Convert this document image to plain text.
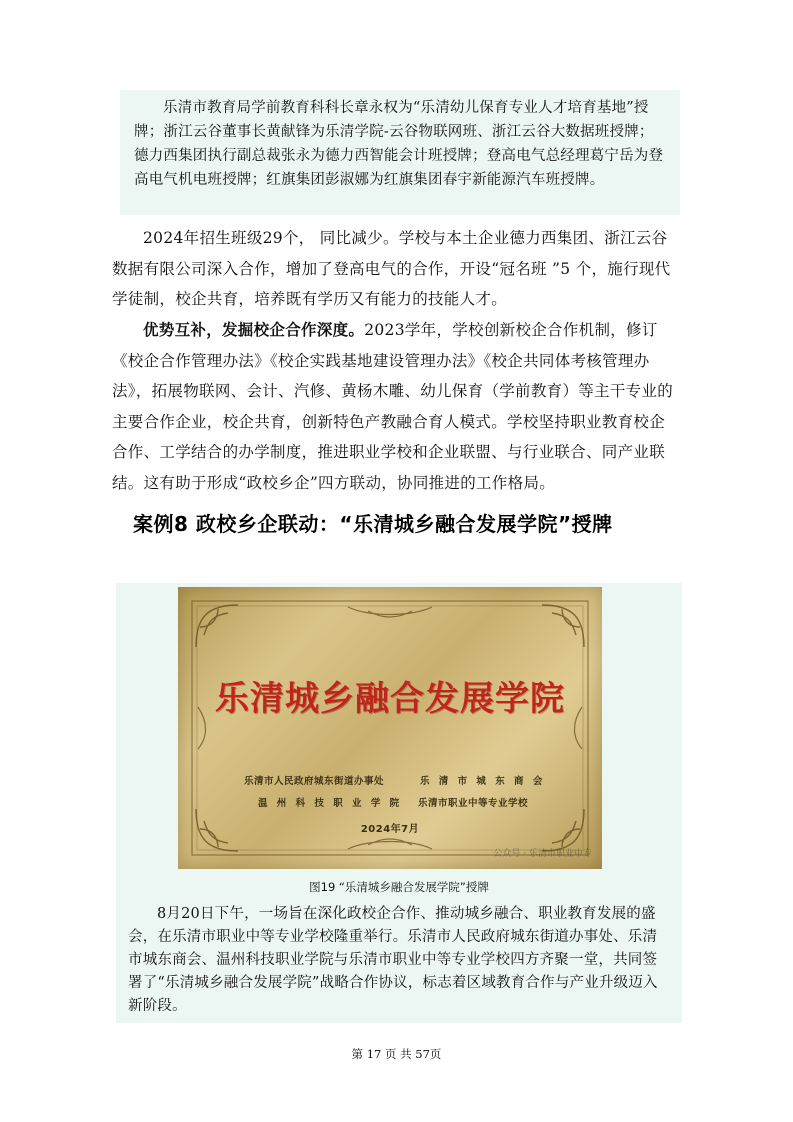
乐清市教育局学前教育科科长章永权为“乐清幼儿保育专业人才培育基地”授牌；浙江云谷董事长黄献锋为乐清学院-云谷物联网班、浙江云谷大数据班授牌；德力西集团执行副总裁张永为德力西智能会计班授牌；登高电气总经理葛宁岳为登高电气机电班授牌；红旗集团彭淑娜为红旗集团春宇新能源汽车班授牌。

2024年招生班级29个， 同比减少。学校与本土企业德力西集团、浙江云谷数据有限公司深入合作，增加了登高电气的合作，开设“冠名班 ”5 个，施行现代学徒制，校企共育，培养既有学历又有能力的技能人才。

优势互补，发掘校企合作深度。2023学年，学校创新校企合作机制，修订《校企合作管理办法》《校企实践基地建设管理办法》《校企共同体考核管理办法》，拓展物联网、会计、汽修、黄杨木雕、幼儿保育（学前教育）等主干专业的主要合作企业，校企共育，创新特色产教融合育人模式。学校坚持职业教育校企合作、工学结合的办学制度，推进职业学校和企业联盟、与行业联合、同产业联结。这有助于形成“政校乡企”四方联动，协同推进的工作格局。

案例8 政校乡企联动：“乐清城乡融合发展学院”授牌
乐清城乡融合发展学院
乐清市人民政府城东街道办事处	乐 清 市 城 东 商 会
温 州 科 技 职 业 学 院 乐清市职业中等专业学校
2024年7月
公众号 · 乐清市职业中专
图19 “乐清城乡融合发展学院”授牌

8月20日下午，一场旨在深化政校企合作、推动城乡融合、职业教育发展的盛会，在乐清市职业中等专业学校隆重举行。乐清市人民政府城东街道办事处、乐清市城东商会、温州科技职业学院与乐清市职业中等专业学校四方齐聚一堂，共同签署了“乐清城乡融合发展学院”战略合作协议，标志着区域教育合作与产业升级迈入新阶段。

第 17 页 共 57页
